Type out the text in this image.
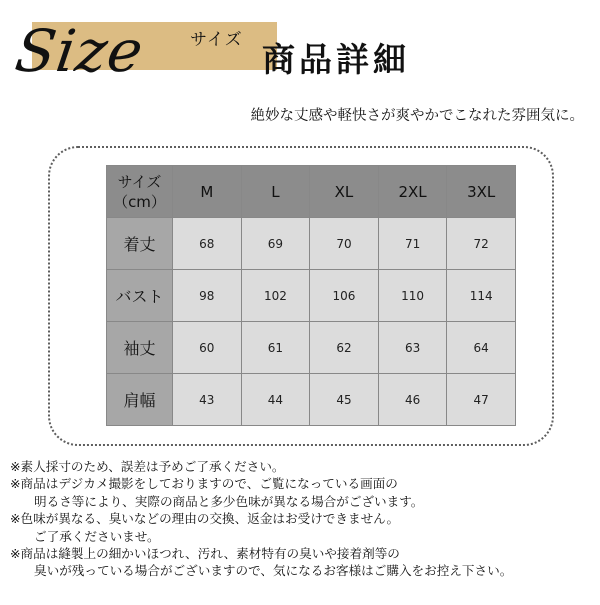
Size サイズ 商品詳細
絶妙な丈感や軽快さが爽やかでこなれた雰囲気に。
サイズ
（cm）	M	L	XL	2XL	3XL
着丈	68	69	70	71	72
バスト	98	102	106	110	114
袖丈	60	61	62	63	64
肩幅	43	44	45	46	47
※素人採寸のため、誤差は予めご了承ください。
※商品はデジカメ撮影をしておりますので、ご覧になっている画面の
明るさ等により、実際の商品と多少色味が異なる場合がございます。
※色味が異なる、臭いなどの理由の交換、返金はお受けできません。
ご了承くださいませ。
※商品は縫製上の細かいほつれ、汚れ、素材特有の臭いや接着剤等の
臭いが残っている場合がございますので、気になるお客様はご購入をお控え下さい。
